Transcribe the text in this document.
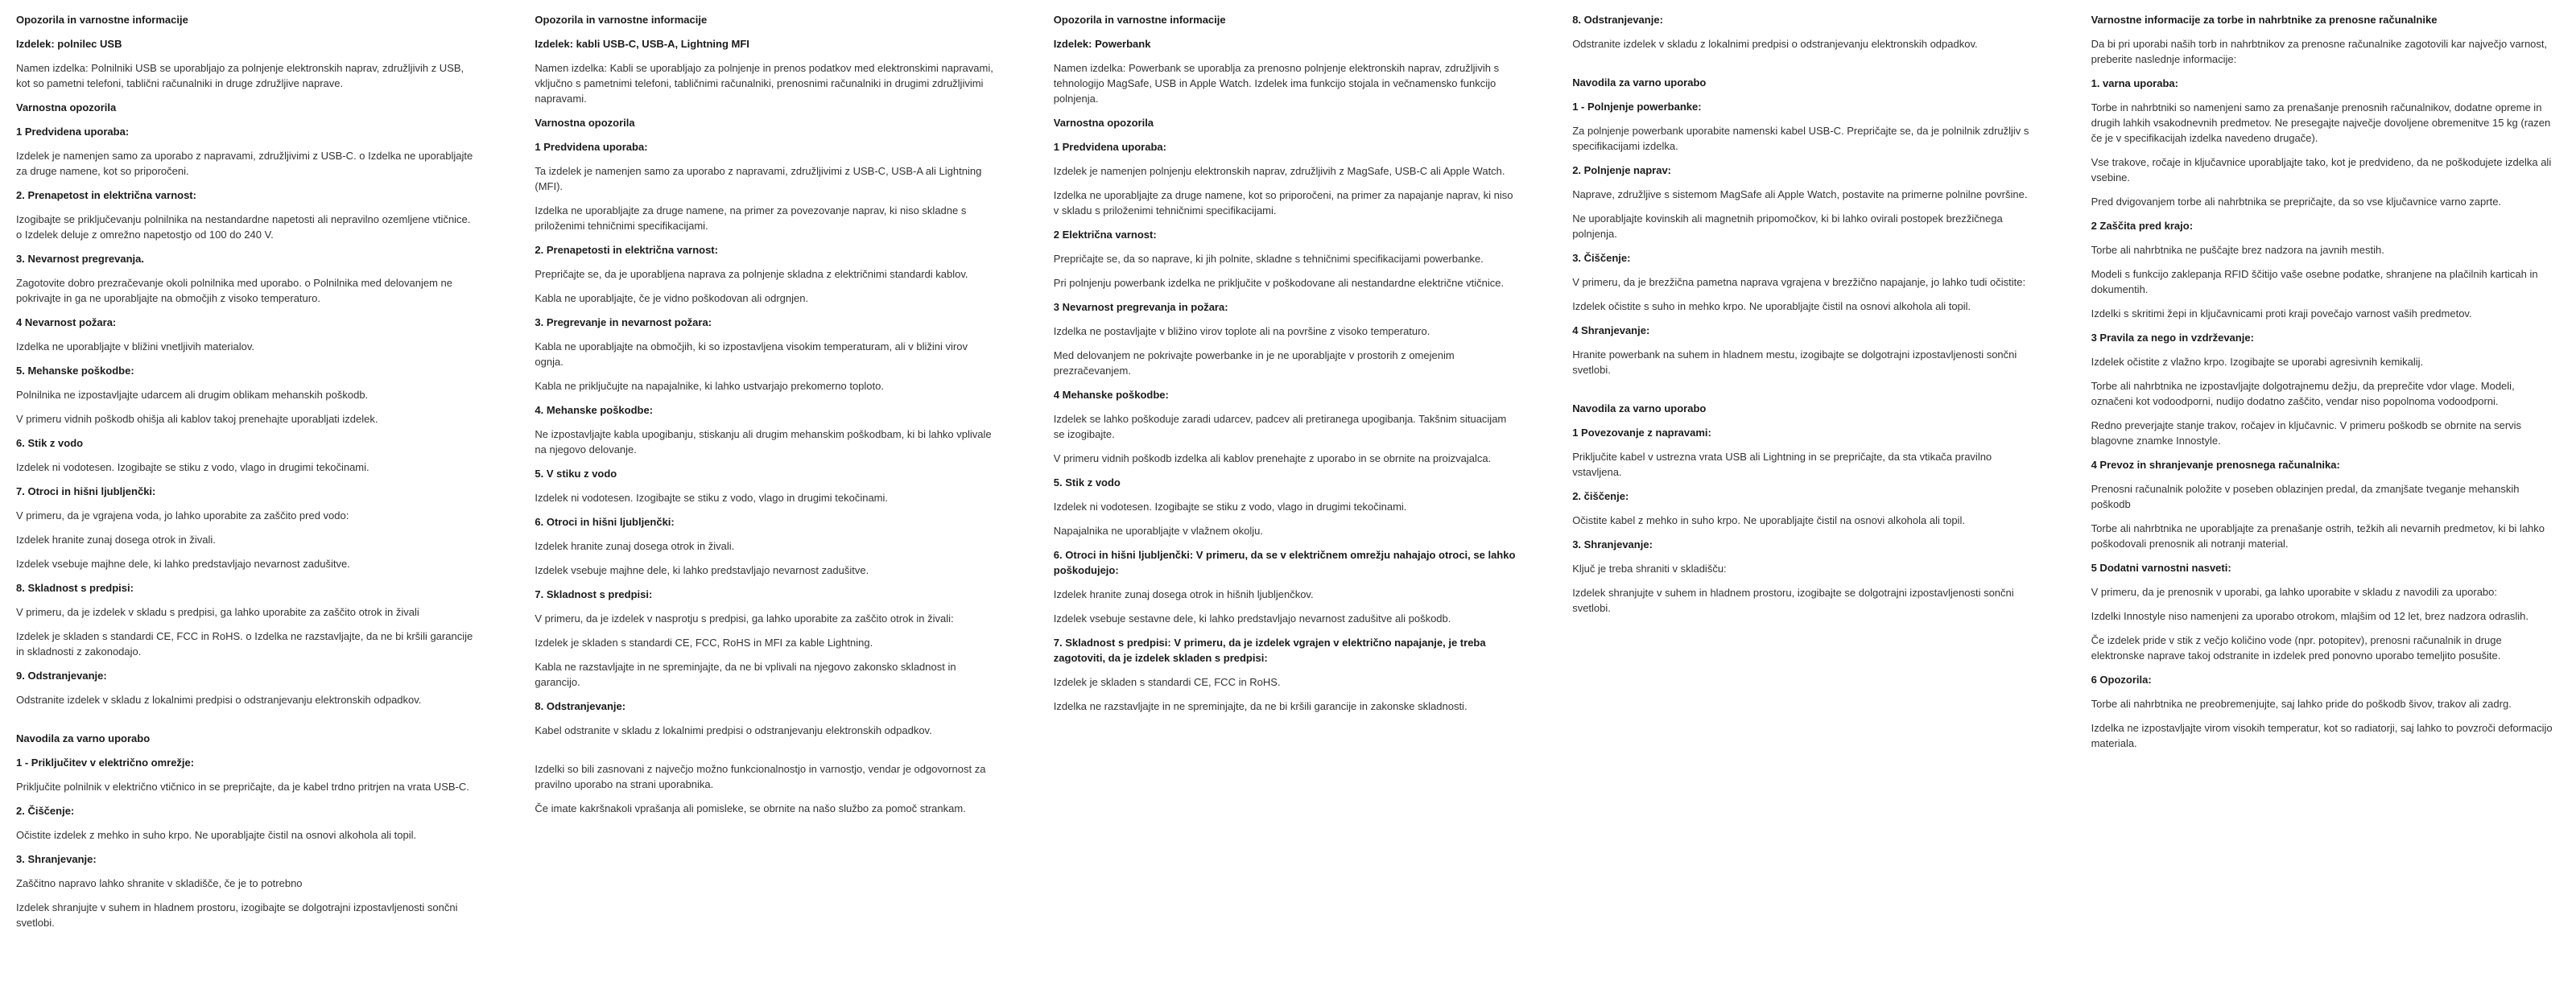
Opozorila in varnostne informacije
Izdelek: polnilec USB

Namen izdelka: Polnilniki USB se uporabljajo za polnjenje elektronskih naprav, združljivih z USB, kot so pametni telefoni, tablični računalniki in druge združljive naprave.

Varnostna opozorila
1 Predvidena uporaba:

Izdelek je namenjen samo za uporabo z napravami, združljivimi z USB-C. o Izdelka ne uporabljajte za druge namene, kot so priporočeni.

2. Prenapetost in električna varnost:

Izogibajte se priključevanju polnilnika na nestandardne napetosti ali nepravilno ozemljene vtičnice. o Izdelek deluje z omrežno napetostjo od 100 do 240 V.

3. Nevarnost pregrevanja.

Zagotovite dobro prezračevanje okoli polnilnika med uporabo. o Polnilnika med delovanjem ne pokrivajte in ga ne uporabljajte na območjih z visoko temperaturo.

4 Nevarnost požara:

Izdelka ne uporabljajte v bližini vnetljivih materialov.

5. Mehanske poškodbe:

Polnilnika ne izpostavljajte udarcem ali drugim oblikam mehanskih poškodb.

V primeru vidnih poškodb ohišja ali kablov takoj prenehajte uporabljati izdelek.

6. Stik z vodo

Izdelek ni vodotesen. Izogibajte se stiku z vodo, vlago in drugimi tekočinami.

7. Otroci in hišni ljubljenčki:

V primeru, da je vgrajena voda, jo lahko uporabite za zaščito pred vodo:

Izdelek hranite zunaj dosega otrok in živali.

Izdelek vsebuje majhne dele, ki lahko predstavljajo nevarnost zadušitve.

8. Skladnost s predpisi:

V primeru, da je izdelek v skladu s predpisi, ga lahko uporabite za zaščito otrok in živali

Izdelek je skladen s standardi CE, FCC in RoHS. o Izdelka ne razstavljajte, da ne bi kršili garancije in skladnosti z zakonodajo.

9. Odstranjevanje:

Odstranite izdelek v skladu z lokalnimi predpisi o odstranjevanju elektronskih odpadkov.

Navodila za varno uporabo
1 - Priključitev v električno omrežje:

Priključite polnilnik v električno vtičnico in se prepričajte, da je kabel trdno pritrjen na vrata USB-C.

2. Čiščenje:

Očistite izdelek z mehko in suho krpo. Ne uporabljajte čistil na osnovi alkohola ali topil.

3. Shranjevanje:

Zaščitno napravo lahko shranite v skladišče, če je to potrebno

Izdelek shranjujte v suhem in hladnem prostoru, izogibajte se dolgotrajni izpostavljenosti sončni svetlobi.

Opozorila in varnostne informacije
Izdelek: kabli USB-C, USB-A, Lightning MFI

Namen izdelka: Kabli se uporabljajo za polnjenje in prenos podatkov med elektronskimi napravami, vključno s pametnimi telefoni, tabličnimi računalniki, prenosnimi računalniki in drugimi združljivimi napravami.

Varnostna opozorila
1 Predvidena uporaba:

Ta izdelek je namenjen samo za uporabo z napravami, združljivimi z USB-C, USB-A ali Lightning (MFI).

Izdelka ne uporabljajte za druge namene, na primer za povezovanje naprav, ki niso skladne s priloženimi tehničnimi specifikacijami.

2. Prenapetosti in električna varnost:

Prepričajte se, da je uporabljena naprava za polnjenje skladna z električnimi standardi kablov.

Kabla ne uporabljajte, če je vidno poškodovan ali odrgnjen.

3. Pregrevanje in nevarnost požara:

Kabla ne uporabljajte na območjih, ki so izpostavljena visokim temperaturam, ali v bližini virov ognja.

Kabla ne priključujte na napajalnike, ki lahko ustvarjajo prekomerno toploto.

4. Mehanske poškodbe:

Ne izpostavljajte kabla upogibanju, stiskanju ali drugim mehanskim poškodbam, ki bi lahko vplivale na njegovo delovanje.

5. V stiku z vodo

Izdelek ni vodotesen. Izogibajte se stiku z vodo, vlago in drugimi tekočinami.

6. Otroci in hišni ljubljenčki:

Izdelek hranite zunaj dosega otrok in živali.

Izdelek vsebuje majhne dele, ki lahko predstavljajo nevarnost zadušitve.

7. Skladnost s predpisi:

V primeru, da je izdelek v nasprotju s predpisi, ga lahko uporabite za zaščito otrok in živali:

Izdelek je skladen s standardi CE, FCC, RoHS in MFI za kable Lightning.

Kabla ne razstavljajte in ne spreminjajte, da ne bi vplivali na njegovo zakonsko skladnost in garancijo.

8. Odstranjevanje:

Kabel odstranite v skladu z lokalnimi predpisi o odstranjevanju elektronskih odpadkov.

Izdelki so bili zasnovani z največjo možno funkcionalnostjo in varnostjo, vendar je odgovornost za pravilno uporabo na strani uporabnika.

Če imate kakršnakoli vprašanja ali pomisleke, se obrnite na našo službo za pomoč strankam.

Opozorila in varnostne informacije
Izdelek: Powerbank

Namen izdelka: Powerbank se uporablja za prenosno polnjenje elektronskih naprav, združljivih s tehnologijo MagSafe, USB in Apple Watch. Izdelek ima funkcijo stojala in večnamensko funkcijo polnjenja.

Varnostna opozorila
1 Predvidena uporaba:

Izdelek je namenjen polnjenju elektronskih naprav, združljivih z MagSafe, USB-C ali Apple Watch.

Izdelka ne uporabljajte za druge namene, kot so priporočeni, na primer za napajanje naprav, ki niso v skladu s priloženimi tehničnimi specifikacijami.

2 Električna varnost:

Prepričajte se, da so naprave, ki jih polnite, skladne s tehničnimi specifikacijami powerbanke.

Pri polnjenju powerbank izdelka ne priključite v poškodovane ali nestandardne električne vtičnice.

3 Nevarnost pregrevanja in požara:

Izdelka ne postavljajte v bližino virov toplote ali na površine z visoko temperaturo.

Med delovanjem ne pokrivajte powerbanke in je ne uporabljajte v prostorih z omejenim prezračevanjem.

4 Mehanske poškodbe:

Izdelek se lahko poškoduje zaradi udarcev, padcev ali pretiranega upogibanja. Takšnim situacijam se izogibajte.

V primeru vidnih poškodb izdelka ali kablov prenehajte z uporabo in se obrnite na proizvajalca.

5. Stik z vodo

Izdelek ni vodotesen. Izogibajte se stiku z vodo, vlago in drugimi tekočinami.

Napajalnika ne uporabljajte v vlažnem okolju.

6. Otroci in hišni ljubljenčki: V primeru, da se v električnem omrežju nahajajo otroci, se lahko poškodujejo:

Izdelek hranite zunaj dosega otrok in hišnih ljubljenčkov.

Izdelek vsebuje sestavne dele, ki lahko predstavljajo nevarnost zadušitve ali poškodb.

7. Skladnost s predpisi: V primeru, da je izdelek vgrajen v električno napajanje, je treba zagotoviti, da je izdelek skladen s predpisi:

Izdelek je skladen s standardi CE, FCC in RoHS.

Izdelka ne razstavljajte in ne spreminjajte, da ne bi kršili garancije in zakonske skladnosti.

8. Odstranjevanje:

Odstranite izdelek v skladu z lokalnimi predpisi o odstranjevanju elektronskih odpadkov.

Navodila za varno uporabo
1 - Polnjenje powerbanke:

Za polnjenje powerbank uporabite namenski kabel USB-C. Prepričajte se, da je polnilnik združljiv s specifikacijami izdelka.

2. Polnjenje naprav:

Naprave, združljive s sistemom MagSafe ali Apple Watch, postavite na primerne polnilne površine.

Ne uporabljajte kovinskih ali magnetnih pripomočkov, ki bi lahko ovirali postopek brezžičnega polnjenja.

3. Čiščenje:

V primeru, da je brezžična pametna naprava vgrajena v brezžično napajanje, jo lahko tudi očistite:

Izdelek očistite s suho in mehko krpo. Ne uporabljajte čistil na osnovi alkohola ali topil.

4 Shranjevanje:

Hranite powerbank na suhem in hladnem mestu, izogibajte se dolgotrajni izpostavljenosti sončni svetlobi.

Navodila za varno uporabo
1 Povezovanje z napravami:

Priključite kabel v ustrezna vrata USB ali Lightning in se prepričajte, da sta vtikača pravilno vstavljena.

2. čiščenje:

Očistite kabel z mehko in suho krpo. Ne uporabljajte čistil na osnovi alkohola ali topil.

3. Shranjevanje:

Ključ je treba shraniti v skladišču:

Izdelek shranjujte v suhem in hladnem prostoru, izogibajte se dolgotrajni izpostavljenosti sončni svetlobi.

Varnostne informacije za torbe in nahrbtnike za prenosne računalnike

Da bi pri uporabi naših torb in nahrbtnikov za prenosne računalnike zagotovili kar največjo varnost, preberite naslednje informacije:

1. varna uporaba:

Torbe in nahrbtniki so namenjeni samo za prenašanje prenosnih računalnikov, dodatne opreme in drugih lahkih vsakodnevnih predmetov. Ne presegajte največje dovoljene obremenitve 15 kg (razen če je v specifikacijah izdelka navedeno drugače).

Vse trakove, ročaje in ključavnice uporabljajte tako, kot je predvideno, da ne poškodujete izdelka ali vsebine.

Pred dvigovanjem torbe ali nahrbtnika se prepričajte, da so vse ključavnice varno zaprte.

2 Zaščita pred krajo:

Torbe ali nahrbtnika ne puščajte brez nadzora na javnih mestih.

Modeli s funkcijo zaklepanja RFID ščitijo vaše osebne podatke, shranjene na plačilnih karticah in dokumentih.

Izdelki s skritimi žepi in ključavnicami proti kraji povečajo varnost vaših predmetov.

3 Pravila za nego in vzdrževanje:

Izdelek očistite z vlažno krpo. Izogibajte se uporabi agresivnih kemikalij.

Torbe ali nahrbtnika ne izpostavljajte dolgotrajnemu dežju, da preprečite vdor vlage. Modeli, označeni kot vodoodporni, nudijo dodatno zaščito, vendar niso popolnoma vodoodporni.

Redno preverjajte stanje trakov, ročajev in ključavnic. V primeru poškodb se obrnite na servis blagovne znamke Innostyle.

4 Prevoz in shranjevanje prenosnega računalnika:

Prenosni računalnik položite v poseben oblazinjen predal, da zmanjšate tveganje mehanskih poškodb

Torbe ali nahrbtnika ne uporabljajte za prenašanje ostrih, težkih ali nevarnih predmetov, ki bi lahko poškodovali prenosnik ali notranji material.

5 Dodatni varnostni nasveti:

V primeru, da je prenosnik v uporabi, ga lahko uporabite v skladu z navodili za uporabo:

Izdelki Innostyle niso namenjeni za uporabo otrokom, mlajšim od 12 let, brez nadzora odraslih.

Če izdelek pride v stik z večjo količino vode (npr. potopitev), prenosni računalnik in druge elektronske naprave takoj odstranite in izdelek pred ponovno uporabo temeljito posušite.

6 Opozorila:

Torbe ali nahrbtnika ne preobremenjujte, saj lahko pride do poškodb šivov, trakov ali zadrg.

Izdelka ne izpostavljajte virom visokih temperatur, kot so radiatorji, saj lahko to povzroči deformacijo materiala.
